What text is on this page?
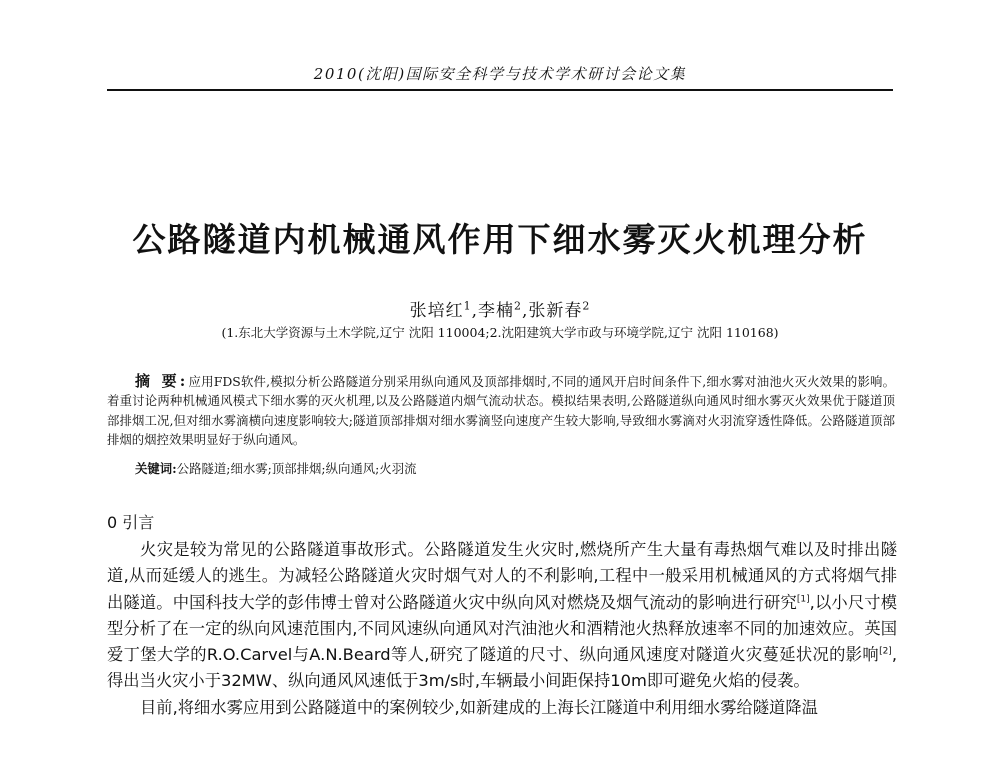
2010(沈阳)国际安全科学与技术学术研讨会论文集
公路隧道内机械通风作用下细水雾灭火机理分析
张培红$^1$,李楠$^2$,张新春$^2$
(1.东北大学资源与土木学院,辽宁 沈阳 110004;2.沈阳建筑大学市政与环境学院,辽宁 沈阳 110168)
摘 要:应用FDS软件,模拟分析公路隧道分别采用纵向通风及顶部排烟时,不同的通风开启时间条件下,细水雾对油池火灭火效果的影响。着重讨论两种机械通风模式下细水雾的灭火机理,以及公路隧道内烟气流动状态。模拟结果表明,公路隧道纵向通风时细水雾灭火效果优于隧道顶部排烟工况,但对细水雾滴横向速度影响较大;隧道顶部排烟对细水雾滴竖向速度产生较大影响,导致细水雾滴对火羽流穿透性降低。公路隧道顶部排烟的烟控效果明显好于纵向通风。
关键词:公路隧道;细水雾;顶部排烟;纵向通风;火羽流
0 引言

火灾是较为常见的公路隧道事故形式。公路隧道发生火灾时,燃烧所产生大量有毒热烟气难以及时排出隧道,从而延缓人的逃生。为减轻公路隧道火灾时烟气对人的不利影响,工程中一般采用机械通风的方式将烟气排出隧道。中国科技大学的彭伟博士曾对公路隧道火灾中纵向风对燃烧及烟气流动的影响进行研究[1],以小尺寸模型分析了在一定的纵向风速范围内,不同风速纵向通风对汽油池火和酒精池火热释放速率不同的加速效应。英国爱丁堡大学的R.O.Carvel与A.N.Beard等人,研究了隧道的尺寸、纵向通风速度对隧道火灾蔓延状况的影响[2],得出当火灾小于32MW、纵向通风风速低于3m/s时,车辆最小间距保持10m即可避免火焰的侵袭。

目前,将细水雾应用到公路隧道中的案例较少,如新建成的上海长江隧道中利用细水雾给隧道降温
